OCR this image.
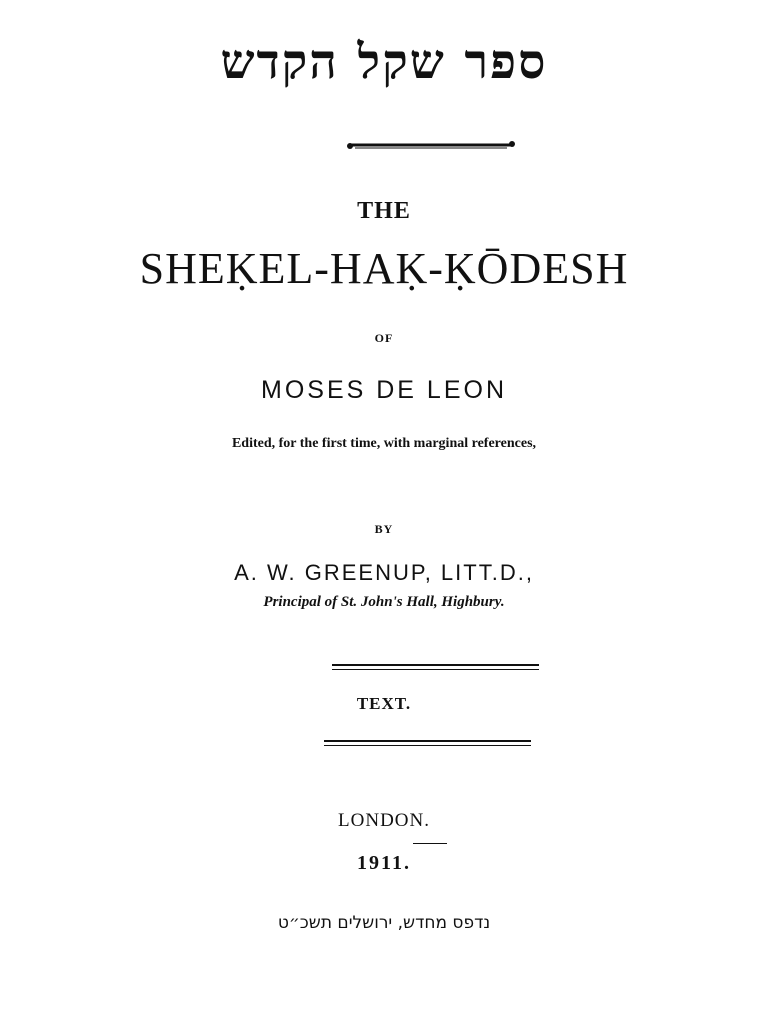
ספר שקל הקדש
THE
SHEḲEL-HAḲ-ḲŌDESH
OF
MOSES DE LEON
Edited, for the first time, with marginal references,
BY
A. W. GREENUP, LITT.D.,
Principal of St. John's Hall, Highbury.
TEXT.
LONDON.
1911.
נדפס מחדש, ירושלים תשכ״ט
